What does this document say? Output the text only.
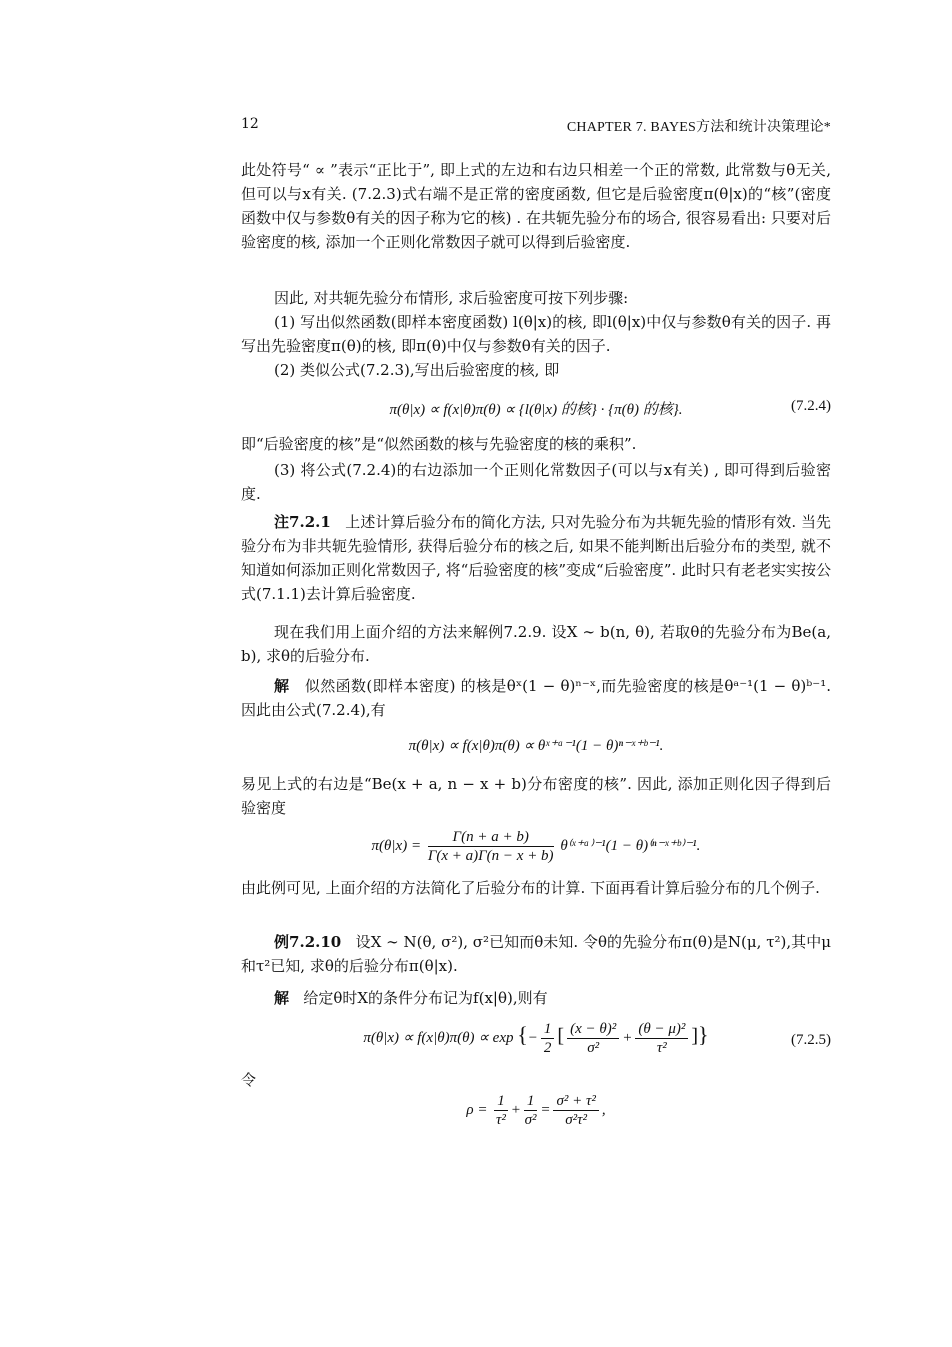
12	CHAPTER 7. BAYES方法和统计决策理论*
此处符号“ ∝ ”表示“正比于”, 即上式的左边和右边只相差一个正的常数, 此常数与θ无关, 但可以与x有关. (7.2.3)式右端不是正常的密度函数, 但它是后验密度π(θ|x)的“核”(密度函数中仅与参数θ有关的因子称为它的核) . 在共轭先验分布的场合, 很容易看出: 只要对后验密度的核, 添加一个正则化常数因子就可以得到后验密度.
因此, 对共轭先验分布情形, 求后验密度可按下列步骤:
(1) 写出似然函数(即样本密度函数) l(θ|x)的核, 即l(θ|x)中仅与参数θ有关的因子. 再写出先验密度π(θ)的核, 即π(θ)中仅与参数θ有关的因子.
(2) 类似公式(7.2.3),写出后验密度的核, 即
π(θ|x) ∝ f(x|θ)π(θ) ∝ {l(θ|x) 的核} · {π(θ) 的核}.	(7.2.4)
即“后验密度的核”是“似然函数的核与先验密度的核的乘积”.
(3) 将公式(7.2.4)的右边添加一个正则化常数因子(可以与x有关) , 即可得到后验密度.
注7.2.1 上述计算后验分布的简化方法, 只对先验分布为共轭先验的情形有效. 当先验分布为非共轭先验情形, 获得后验分布的核之后, 如果不能判断出后验分布的类型, 就不知道如何添加正则化常数因子, 将“后验密度的核”变成“后验密度”. 此时只有老老实实按公式(7.1.1)去计算后验密度.
现在我们用上面介绍的方法来解例7.2.9. 设X ∼ b(n, θ), 若取θ的先验分布为Be(a, b), 求θ的后验分布.
解 似然函数(即样本密度) 的核是θˣ(1 − θ)ⁿ⁻ˣ,而先验密度的核是θᵃ⁻¹(1 − θ)ᵇ⁻¹. 因此由公式(7.2.4),有
π(θ|x) ∝ f(x|θ)π(θ) ∝ θˣ⁺ᵃ⁻¹(1 − θ)ⁿ⁻ˣ⁺ᵇ⁻¹.
易见上式的右边是“Be(x + a, n − x + b)分布密度的核”. 因此, 添加正则化因子得到后验密度
$\pi(\theta|x) = \frac{\Gamma(n + a + b)}{\Gamma(x + a)\Gamma(n - x + b)}$ θ⁽ˣ⁺ᵃ⁾⁻¹(1 − θ)⁽ⁿ⁻ˣ⁺ᵇ⁾⁻¹.
由此例可见, 上面介绍的方法简化了后验分布的计算. 下面再看计算后验分布的几个例子.
例7.2.10 设X ∼ N(θ, σ²), σ²已知而θ未知. 令θ的先验分布π(θ)是N(μ, τ²),其中μ和τ²已知, 求θ的后验分布π(θ|x).
解 给定θ时X的条件分布记为f(x|θ),则有
π(θ|x) ∝ f(x|θ)π(θ) ∝ exp {− $\frac{1}{2}$ [ $\frac{\text{(x − θ)²}}{\text{σ²}} + \frac{\text{(θ − μ)²}}{\text{τ²}}$ ]}	(7.2.5)
令
$\rho = \frac{1}{\text{τ²}} + \frac{1}{\text{σ²}} = \frac{\text{σ² + τ²}}{\text{σ²τ²}}$ ,
